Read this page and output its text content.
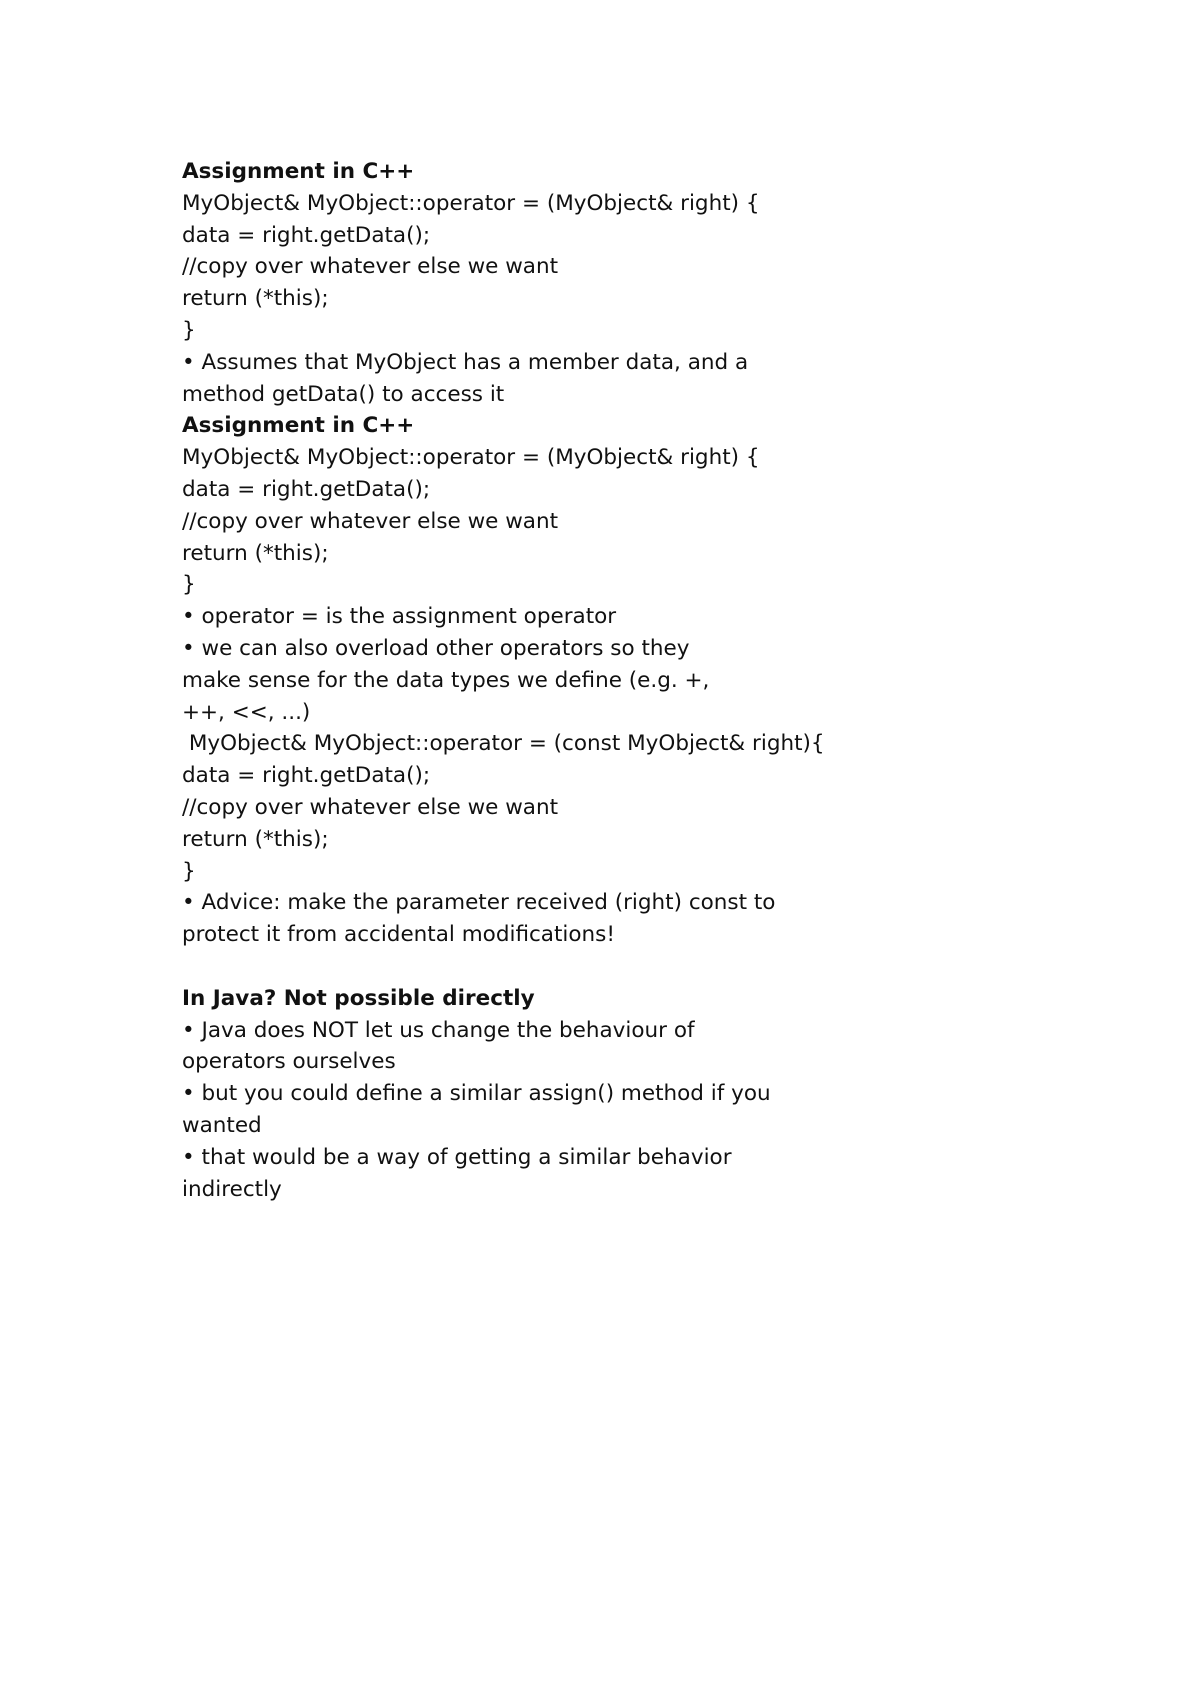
Assignment in C++
MyObject& MyObject::operator = (MyObject& right) {
data = right.getData();
//copy over whatever else we want
return (*this);
}
• Assumes that MyObject has a member data, and a
method getData() to access it
Assignment in C++
MyObject& MyObject::operator = (MyObject& right) {
data = right.getData();
//copy over whatever else we want
return (*this);
}
• operator = is the assignment operator
• we can also overload other operators so they
make sense for the data types we define (e.g. +,
++, <<, ...)
MyObject& MyObject::operator = (const MyObject& right){
data = right.getData();
//copy over whatever else we want
return (*this);
}
• Advice: make the parameter received (right) const to
protect it from accidental modifications!
In Java? Not possible directly
• Java does NOT let us change the behaviour of
operators ourselves
• but you could define a similar assign() method if you
wanted
• that would be a way of getting a similar behavior
indirectly
